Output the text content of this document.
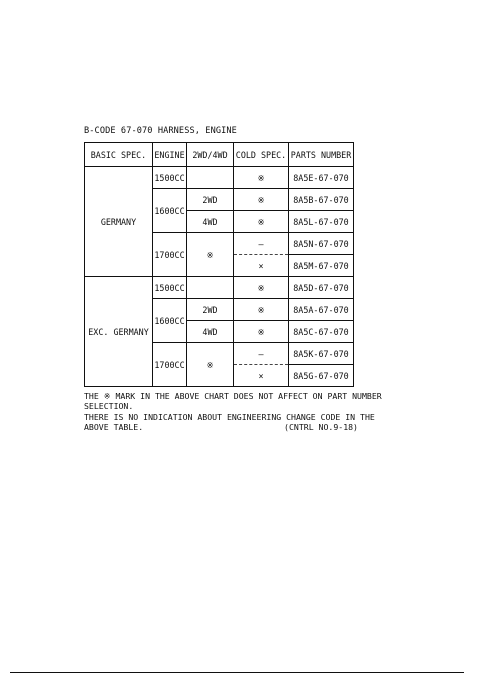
B-CODE 67-070 HARNESS, ENGINE
BASIC SPEC.	ENGINE	2WD/4WD	COLD SPEC.	PARTS NUMBER
GERMANY	1500CC		※	8A5E-67-070
	1600CC	2WD	※	8A5B-67-070
		4WD	※	8A5L-67-070
	1700CC	※	—	8A5N-67-070
			×	8A5M-67-070
EXC. GERMANY	1500CC		※	8A5D-67-070
	1600CC	2WD	※	8A5A-67-070
		4WD	※	8A5C-67-070
	1700CC	※	—	8A5K-67-070
			×	8A5G-67-070
THE ※ MARK IN THE ABOVE CHART DOES NOT AFFECT ON PART NUMBER
SELECTION.
THERE IS NO INDICATION ABOUT ENGINEERING CHANGE CODE IN THE
ABOVE TABLE.	(CNTRL NO.9-18)
